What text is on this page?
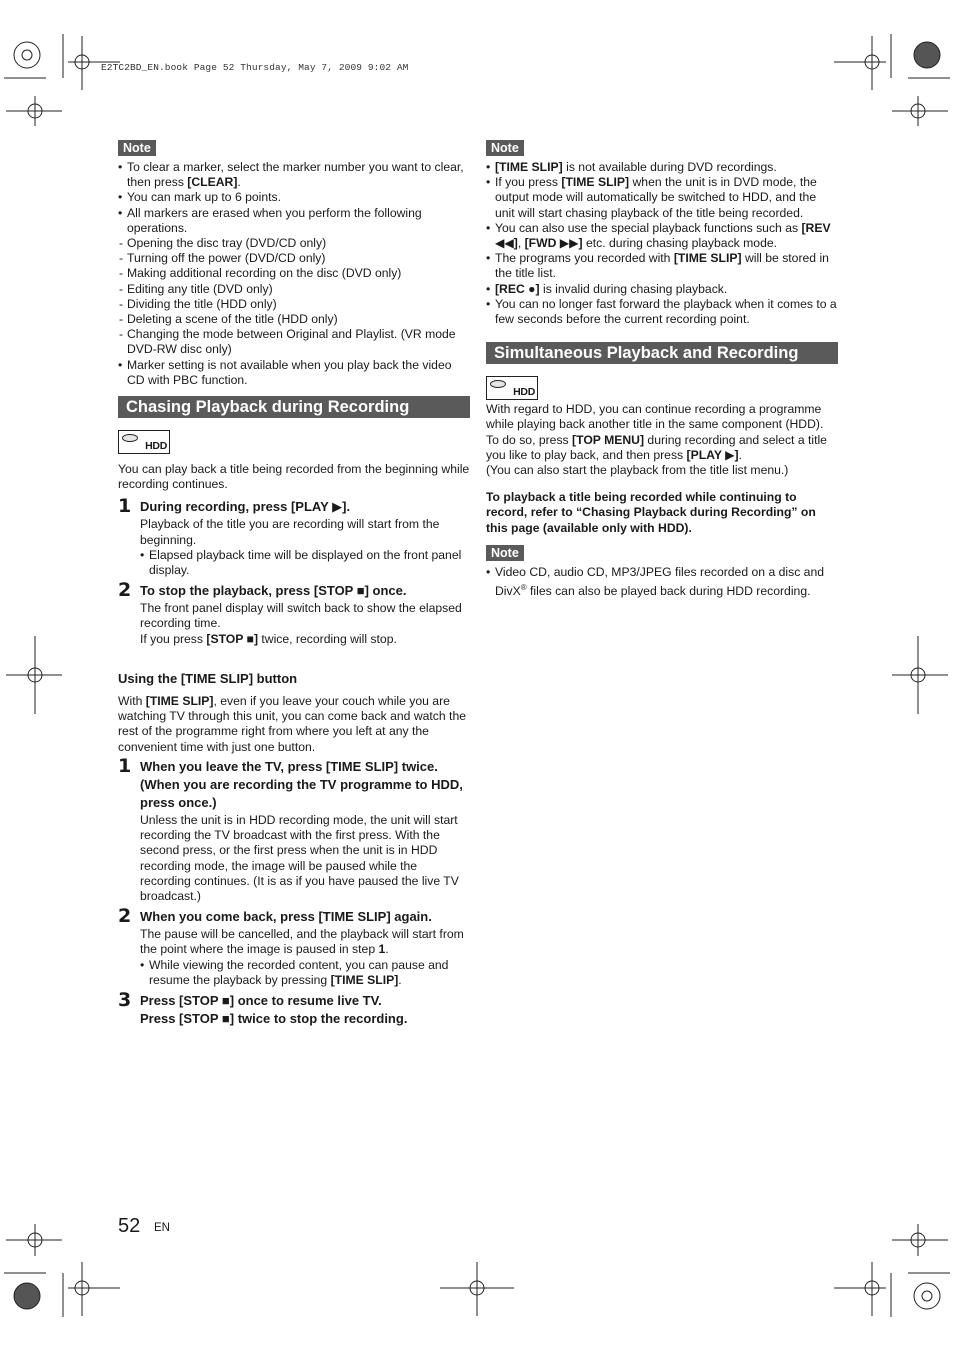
E2TC2BD_EN.book Page 52 Thursday, May 7, 2009 9:02 AM
Note
• To clear a marker, select the marker number you want to clear, then press [CLEAR].
• You can mark up to 6 points.
• All markers are erased when you perform the following operations.
- Opening the disc tray (DVD/CD only)
- Turning off the power (DVD/CD only)
- Making additional recording on the disc (DVD only)
- Editing any title (DVD only)
- Dividing the title (HDD only)
- Deleting a scene of the title (HDD only)
- Changing the mode between Original and Playlist. (VR mode DVD-RW disc only)
• Marker setting is not available when you play back the video CD with PBC function.
Chasing Playback during Recording
HDD

You can play back a title being recorded from the beginning while recording continues.

1 During recording, press [PLAY ▶].

Playback of the title you are recording will start from the beginning.

• Elapsed playback time will be displayed on the front panel display.
2 To stop the playback, press [STOP ■] once.

The front panel display will switch back to show the elapsed recording time.

If you press [STOP ■] twice, recording will stop.

Using the [TIME SLIP] button

With [TIME SLIP], even if you leave your couch while you are watching TV through this unit, you can come back and watch the rest of the programme right from where you left at any the convenient time with just one button.

1 When you leave the TV, press [TIME SLIP] twice. (When you are recording the TV programme to HDD, press once.)
Unless the unit is in HDD recording mode, the unit will start recording the TV broadcast with the first press. With the second press, or the first press when the unit is in HDD recording mode, the image will be paused while the recording continues. (It is as if you have paused the live TV broadcast.)
2 When you come back, press [TIME SLIP] again.

The pause will be cancelled, and the playback will start from the point where the image is paused in step 1.

• While viewing the recorded content, you can pause and resume the playback by pressing [TIME SLIP].
3 Press [STOP ■] once to resume live TV.
Press [STOP ■] twice to stop the recording.
Note
• [TIME SLIP] is not available during DVD recordings.
• If you press [TIME SLIP] when the unit is in DVD mode, the output mode will automatically be switched to HDD, and the unit will start chasing playback of the title being recorded.
• You can also use the special playback functions such as [REV ◀◀], [FWD ▶▶] etc. during chasing playback mode.
• The programs you recorded with [TIME SLIP] will be stored in the title list.
• [REC ●] is invalid during chasing playback.
• You can no longer fast forward the playback when it comes to a few seconds before the current recording point.
Simultaneous Playback and Recording
HDD

With regard to HDD, you can continue recording a programme while playing back another title in the same component (HDD).

To do so, press [TOP MENU] during recording and select a title you like to play back, and then press [PLAY ▶].

(You can also start the playback from the title list menu.)

To playback a title being recorded while continuing to record, refer to “Chasing Playback during Recording” on this page (available only with HDD).

Note
• Video CD, audio CD, MP3/JPEG files recorded on a disc and DivX® files can also be played back during HDD recording.
52 EN
